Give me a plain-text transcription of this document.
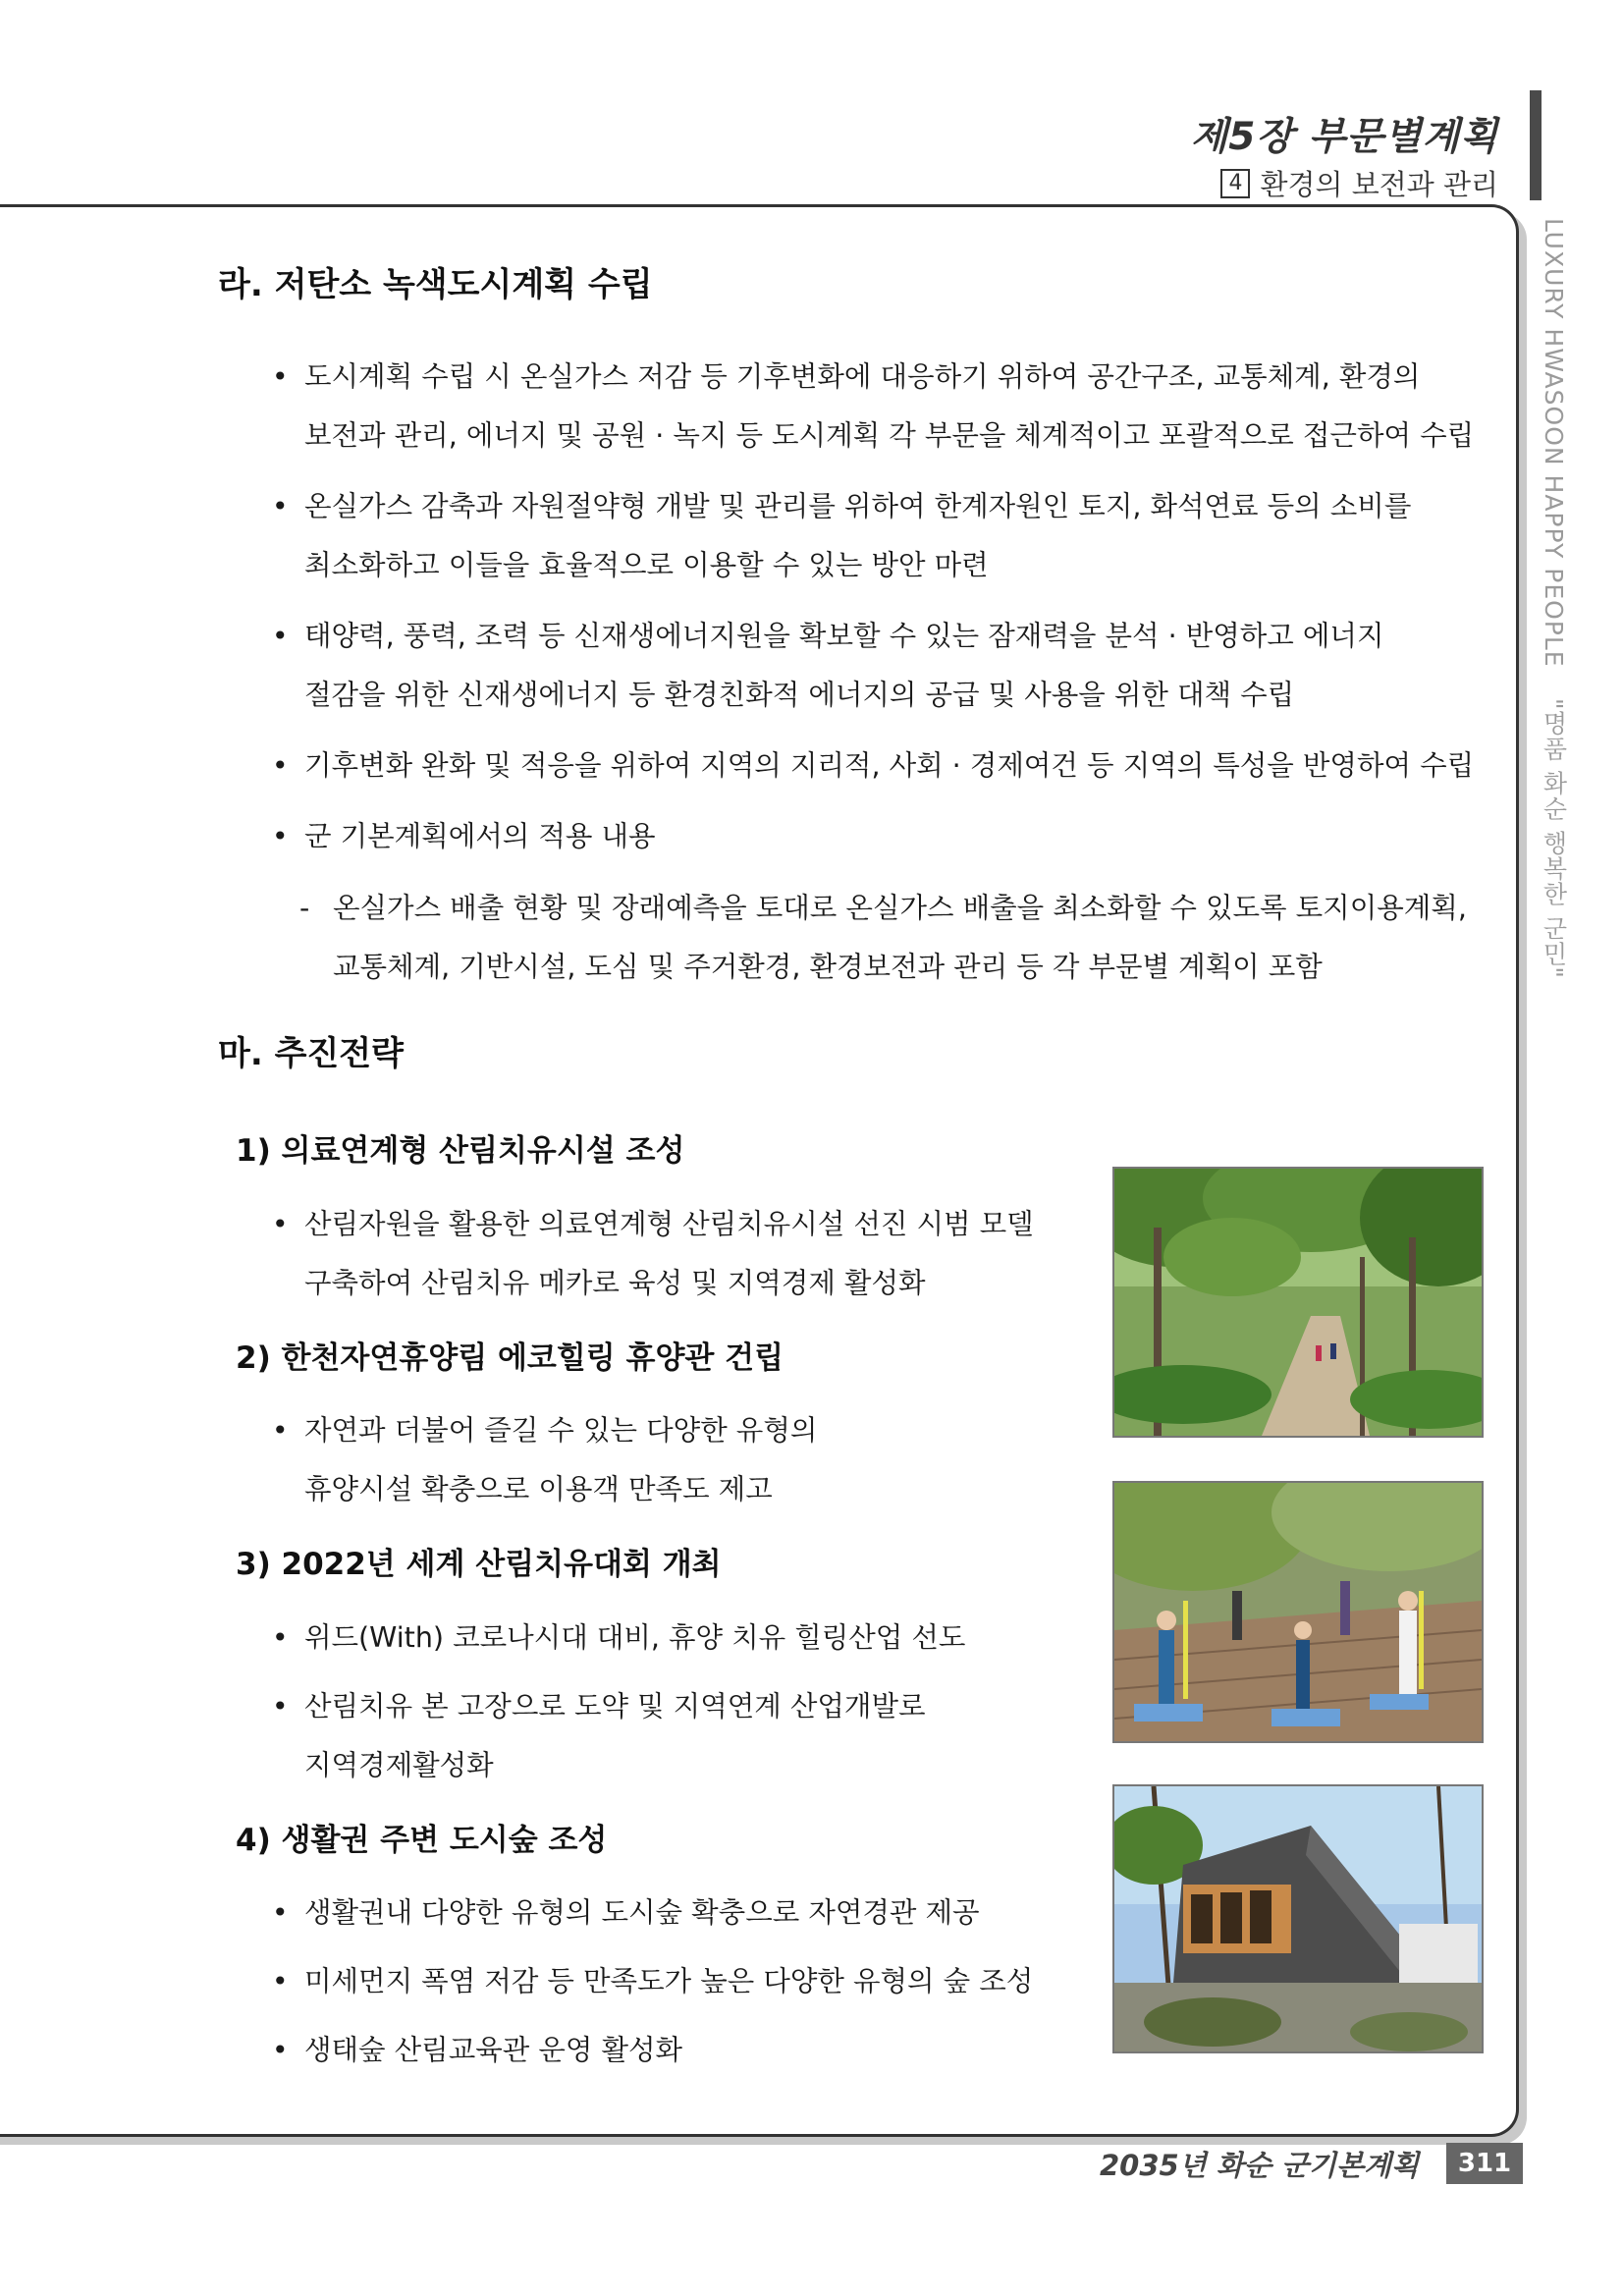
제5장 부문별계획
4 환경의 보전과 관리
LUXURY HWASOON HAPPY PEOPLE "명품 화순 행복한 군민"
라. 저탄소 녹색도시계획 수립
• 도시계획 수립 시 온실가스 저감 등 기후변화에 대응하기 위하여 공간구조, 교통체계, 환경의
보전과 관리, 에너지 및 공원 · 녹지 등 도시계획 각 부문을 체계적이고 포괄적으로 접근하여 수립
• 온실가스 감축과 자원절약형 개발 및 관리를 위하여 한계자원인 토지, 화석연료 등의 소비를
최소화하고 이들을 효율적으로 이용할 수 있는 방안 마련
• 태양력, 풍력, 조력 등 신재생에너지원을 확보할 수 있는 잠재력을 분석 · 반영하고 에너지
절감을 위한 신재생에너지 등 환경친화적 에너지의 공급 및 사용을 위한 대책 수립
• 기후변화 완화 및 적응을 위하여 지역의 지리적, 사회 · 경제여건 등 지역의 특성을 반영하여 수립
• 군 기본계획에서의 적용 내용
- 온실가스 배출 현황 및 장래예측을 토대로 온실가스 배출을 최소화할 수 있도록 토지이용계획,
교통체계, 기반시설, 도심 및 주거환경, 환경보전과 관리 등 각 부문별 계획이 포함
마. 추진전략
1) 의료연계형 산림치유시설 조성
• 산림자원을 활용한 의료연계형 산림치유시설 선진 시범 모델
구축하여 산림치유 메카로 육성 및 지역경제 활성화
2) 한천자연휴양림 에코힐링 휴양관 건립
• 자연과 더불어 즐길 수 있는 다양한 유형의
휴양시설 확충으로 이용객 만족도 제고
3) 2022년 세계 산림치유대회 개최
• 위드(With) 코로나시대 대비, 휴양 치유 힐링산업 선도
• 산림치유 본 고장으로 도약 및 지역연계 산업개발로
지역경제활성화
4) 생활권 주변 도시숲 조성
• 생활권내 다양한 유형의 도시숲 확충으로 자연경관 제공
• 미세먼지 폭염 저감 등 만족도가 높은 다양한 유형의 숲 조성
• 생태숲 산림교육관 운영 활성화
2035년 화순 군기본계획	311
